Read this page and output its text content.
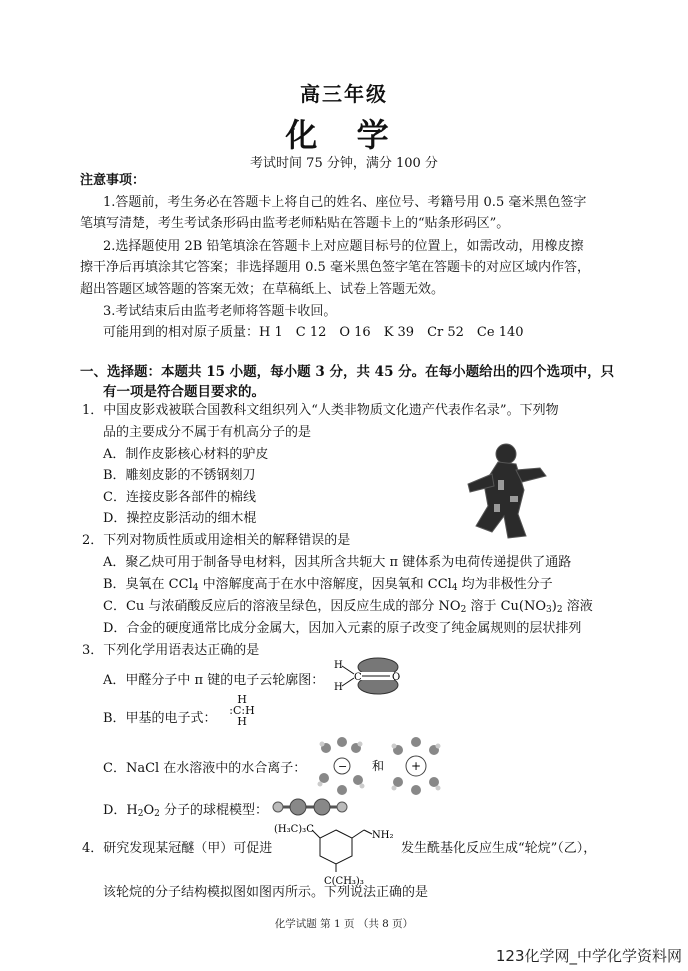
高三年级
化 学
考试时间 75 分钟，满分 100 分
注意事项：
1.答题前，考生务必在答题卡上将自己的姓名、座位号、考籍号用 0.5 毫米黑色签字
笔填写清楚，考生考试条形码由监考老师粘贴在答题卡上的“贴条形码区”。
2.选择题使用 2B 铅笔填涂在答题卡上对应题目标号的位置上，如需改动，用橡皮擦
擦干净后再填涂其它答案；非选择题用 0.5 毫米黑色签字笔在答题卡的对应区域内作答，
超出答题区域答题的答案无效；在草稿纸上、试卷上答题无效。
3.考试结束后由监考老师将答题卡收回。
可能用到的相对原子质量：H 1　C 12　O 16　K 39　Cr 52　Ce 140
一、选择题：本题共 15 小题，每小题 3 分，共 45 分。在每小题给出的四个选项中，只
有一项是符合题目要求的。
1．中国皮影戏被联合国教科文组织列入“人类非物质文化遗产代表作名录”。下列物
品的主要成分不属于有机高分子的是
A．制作皮影核心材料的驴皮
B．雕刻皮影的不锈钢刻刀
C．连接皮影各部件的棉线
D．操控皮影活动的细木棍
2．下列对物质性质或用途相关的解释错误的是
A．聚乙炔可用于制备导电材料，因其所含共轭大 π 键体系为电荷传递提供了通路
B．臭氧在 CCl$_4$ 中溶解度高于在水中溶解度，因臭氧和 CCl$_4$ 均为非极性分子
C．Cu 与浓硝酸反应后的溶液呈绿色，因反应生成的部分 $NO_2$ 溶于 $Cu(NO_3)_2$ 溶液
D．合金的硬度通常比成分金属大，因加入元素的原子改变了纯金属规则的层状排列
3．下列化学用语表达正确的是
A．甲醛分子中 π 键的电子云轮廓图：
H
H
C	O
B．甲基的电子式：
H
:C:H
H
C．NaCl 在水溶液中的水合离子：	− 和 +
D．$H_2O_2$ 分子的球棍模型：
4．研究发现某冠醚（甲）可促进
(H₃C)₃C
NH₂
C(CH₃)₃
发生酰基化反应生成“轮烷”（乙），
该轮烷的分子结构模拟图如图丙所示。下列说法正确的是
化学试题 第 1 页 （共 8 页）
123化学网_中学化学资料网
